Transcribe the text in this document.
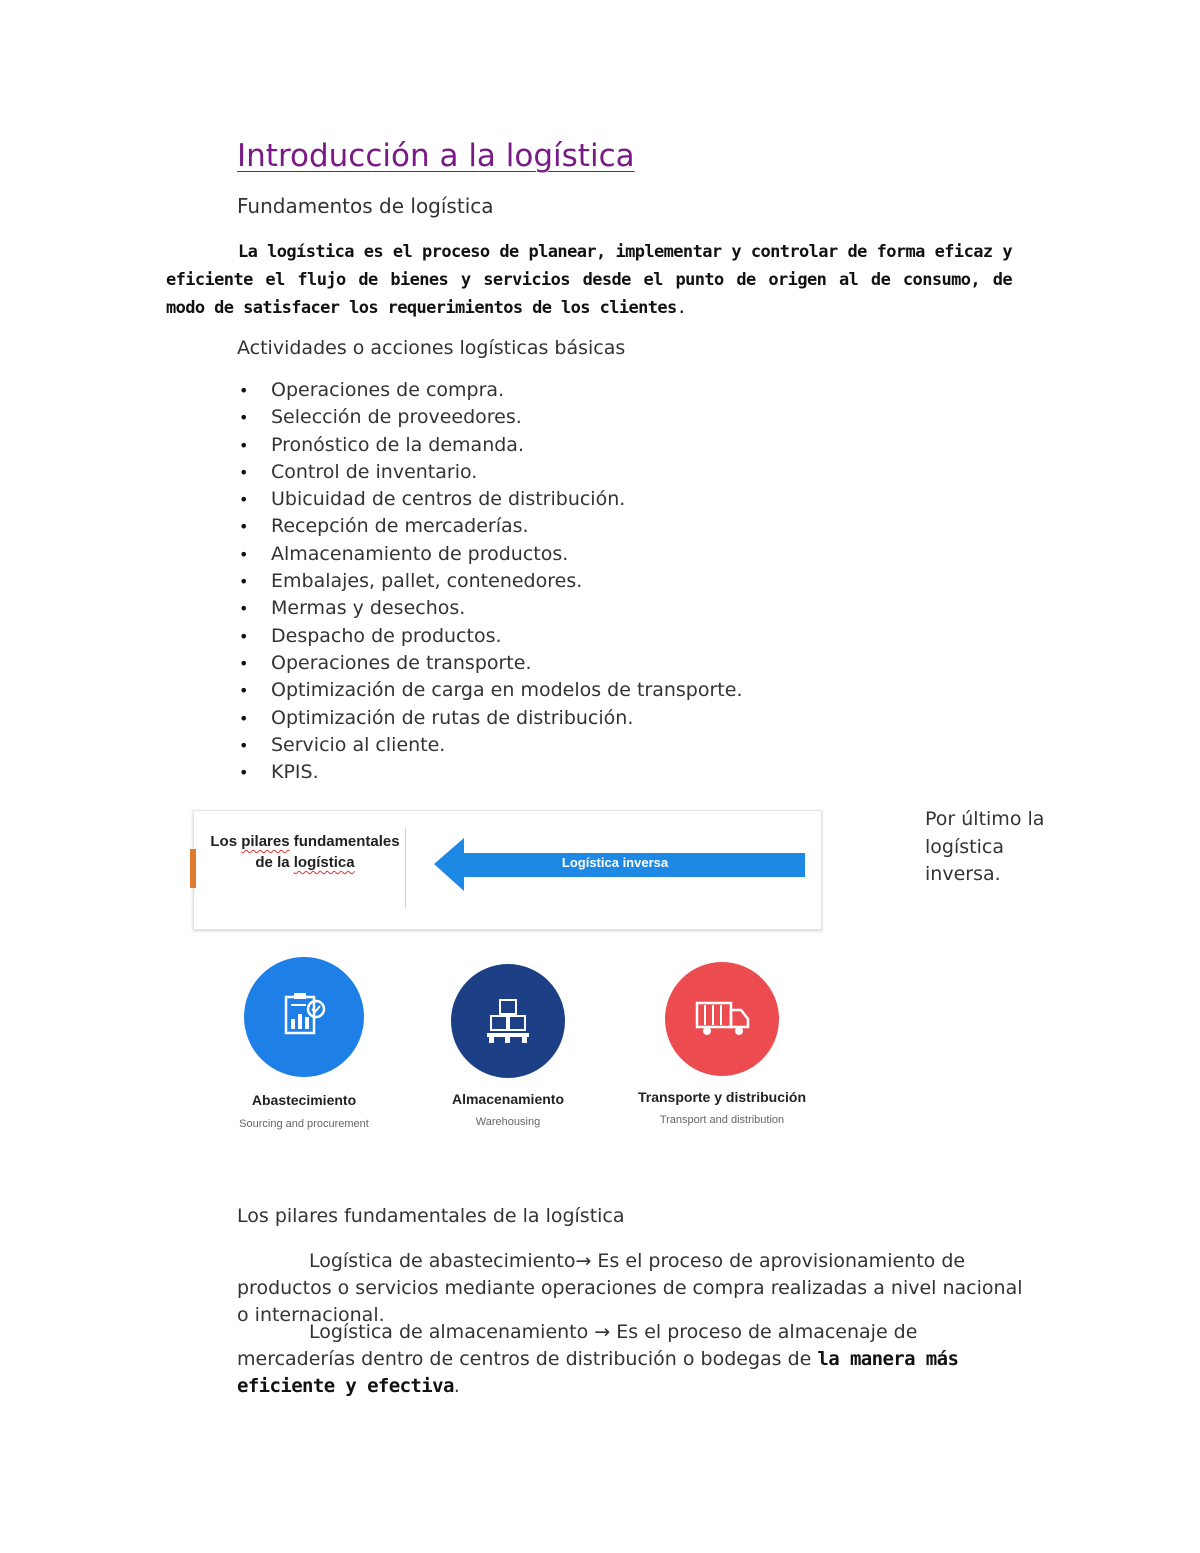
Introducción a la logística
Fundamentos de logística
La logística es el proceso de planear, implementar y controlar de forma eficaz y eficiente el flujo de bienes y servicios desde el punto de origen al de consumo, de modo de satisfacer los requerimientos de los clientes.
Actividades o acciones logísticas básicas
• Operaciones de compra.
• Selección de proveedores.
• Pronóstico de la demanda.
• Control de inventario.
• Ubicuidad de centros de distribución.
• Recepción de mercaderías.
• Almacenamiento de productos.
• Embalajes, pallet, contenedores.
• Mermas y desechos.
• Despacho de productos.
• Operaciones de transporte.
• Optimización de carga en modelos de transporte.
• Optimización de rutas de distribución.
• Servicio al cliente.
• KPIS.
Los pilares fundamentales de la logística	Logística inversa
Abastecimiento
Sourcing and procurement
Almacenamiento
Warehousing
Transporte y distribución
Transport and distribution
Por último la logística inversa.
Los pilares fundamentales de la logística
Logística de abastecimiento→ Es el proceso de aprovisionamiento de productos o servicios mediante operaciones de compra realizadas a nivel nacional o internacional.
Logística de almacenamiento → Es el proceso de almacenaje de mercaderías dentro de centros de distribución o bodegas de la manera más eficiente y efectiva.
